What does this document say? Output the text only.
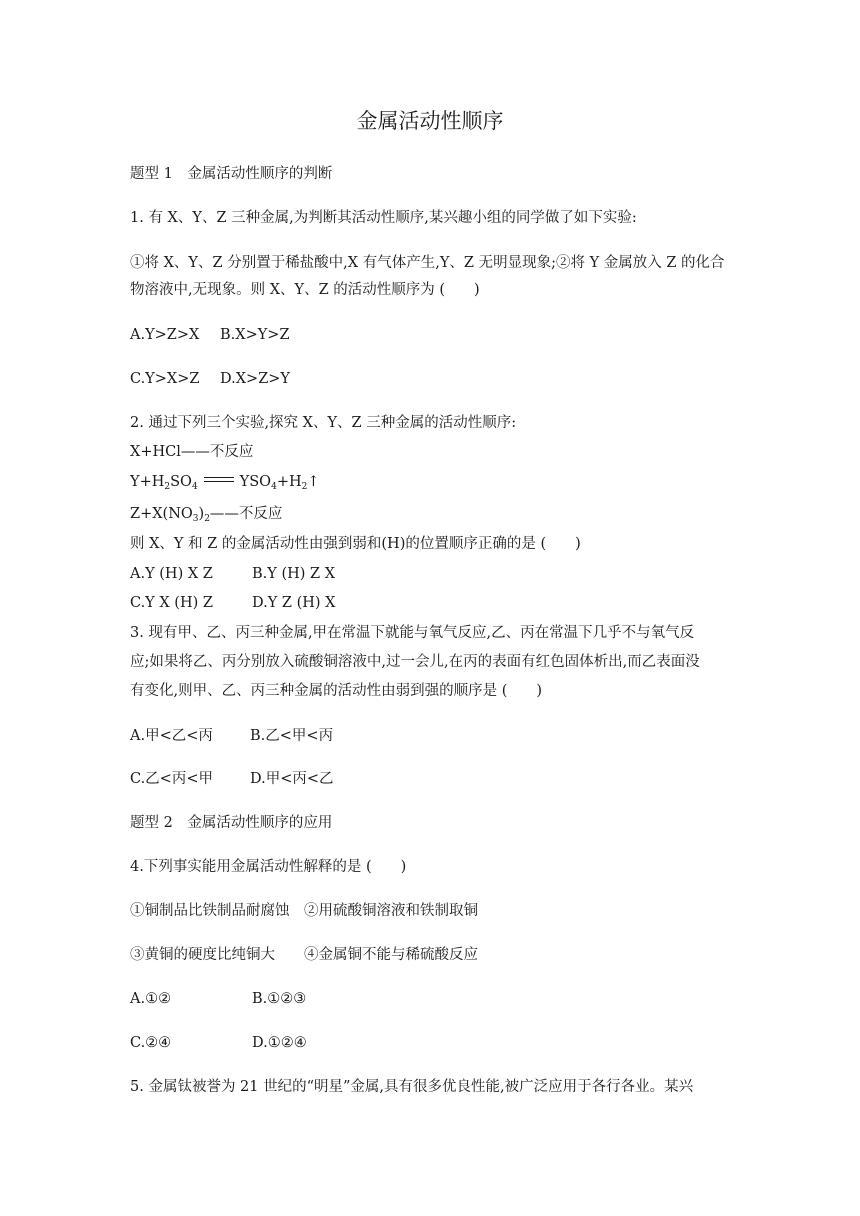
金属活动性顺序
题型 1　金属活动性顺序的判断
1. 有 X、Y、Z 三种金属,为判断其活动性顺序,某兴趣小组的同学做了如下实验:
①将 X、Y、Z 分别置于稀盐酸中,X 有气体产生,Y、Z 无明显现象;②将 Y 金属放入 Z 的化合
物溶液中,无现象。则 X、Y、Z 的活动性顺序为 (　　)
A.Y>Z>X B.X>Y>Z
C.Y>X>Z D.X>Z>Y
2. 通过下列三个实验,探究 X、Y、Z 三种金属的活动性顺序:
X+HCl——不反应
$Y+H_2SO_4$	$YSO_4+H_2↑$
$Z+X(NO_3)_2——$不反应
则 X、Y 和 Z 的金属活动性由强到弱和(H)的位置顺序正确的是 (　　)
A.Y (H) X Z	B.Y (H) Z X
C.Y X (H) Z	D.Y Z (H) X
3. 现有甲、乙、丙三种金属,甲在常温下就能与氧气反应,乙、丙在常温下几乎不与氧气反
应;如果将乙、丙分别放入硫酸铜溶液中,过一会儿,在丙的表面有红色固体析出,而乙表面没
有变化,则甲、乙、丙三种金属的活动性由弱到强的顺序是 (　　)
A.甲<乙<丙	B.乙<甲<丙
C.乙<丙<甲	D.甲<丙<乙
题型 2　金属活动性顺序的应用
4.下列事实能用金属活动性解释的是 (　　)
①铜制品比铁制品耐腐蚀　②用硫酸铜溶液和铁制取铜
③黄铜的硬度比纯铜大　　④金属铜不能与稀硫酸反应
A.①②	B.①②③
C.②④	D.①②④
5. 金属钛被誉为 21 世纪的“明星”金属,具有很多优良性能,被广泛应用于各行各业。某兴
